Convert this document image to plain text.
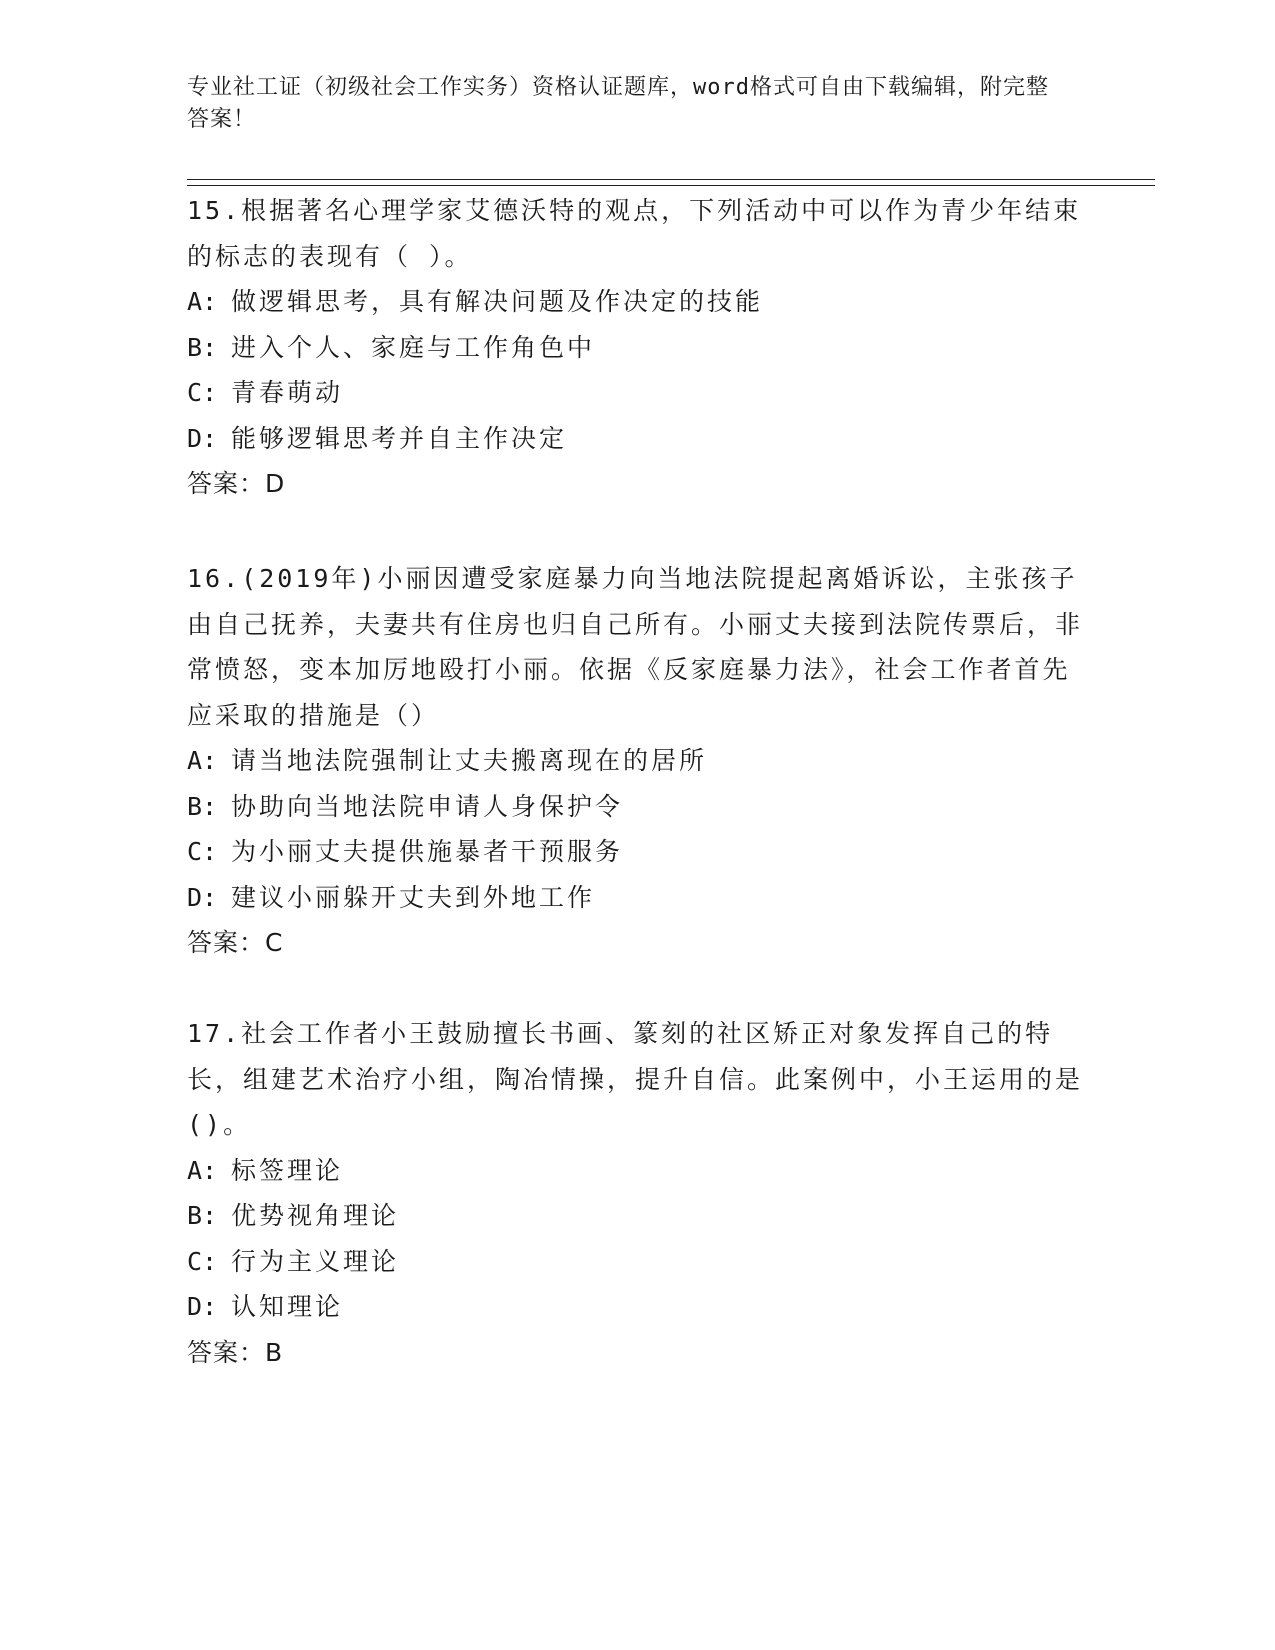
专业社工证（初级社会工作实务）资格认证题库，word格式可自由下载编辑，附完整答案！

15.根据著名心理学家艾德沃特的观点，下列活动中可以作为青少年结束的标志的表现有（ ）。

A: 做逻辑思考，具有解决问题及作决定的技能

B: 进入个人、家庭与工作角色中

C: 青春萌动

D: 能够逻辑思考并自主作决定

答案：D

16.(2019年)小丽因遭受家庭暴力向当地法院提起离婚诉讼，主张孩子由自己抚养，夫妻共有住房也归自己所有。小丽丈夫接到法院传票后，非常愤怒，变本加厉地殴打小丽。依据《反家庭暴力法》，社会工作者首先应采取的措施是（）

A: 请当地法院强制让丈夫搬离现在的居所

B: 协助向当地法院申请人身保护令

C: 为小丽丈夫提供施暴者干预服务

D: 建议小丽躲开丈夫到外地工作

答案：C

17.社会工作者小王鼓励擅长书画、篆刻的社区矫正对象发挥自己的特长，组建艺术治疗小组，陶冶情操，提升自信。此案例中，小王运用的是()。

A: 标签理论

B: 优势视角理论

C: 行为主义理论

D: 认知理论

答案：B
